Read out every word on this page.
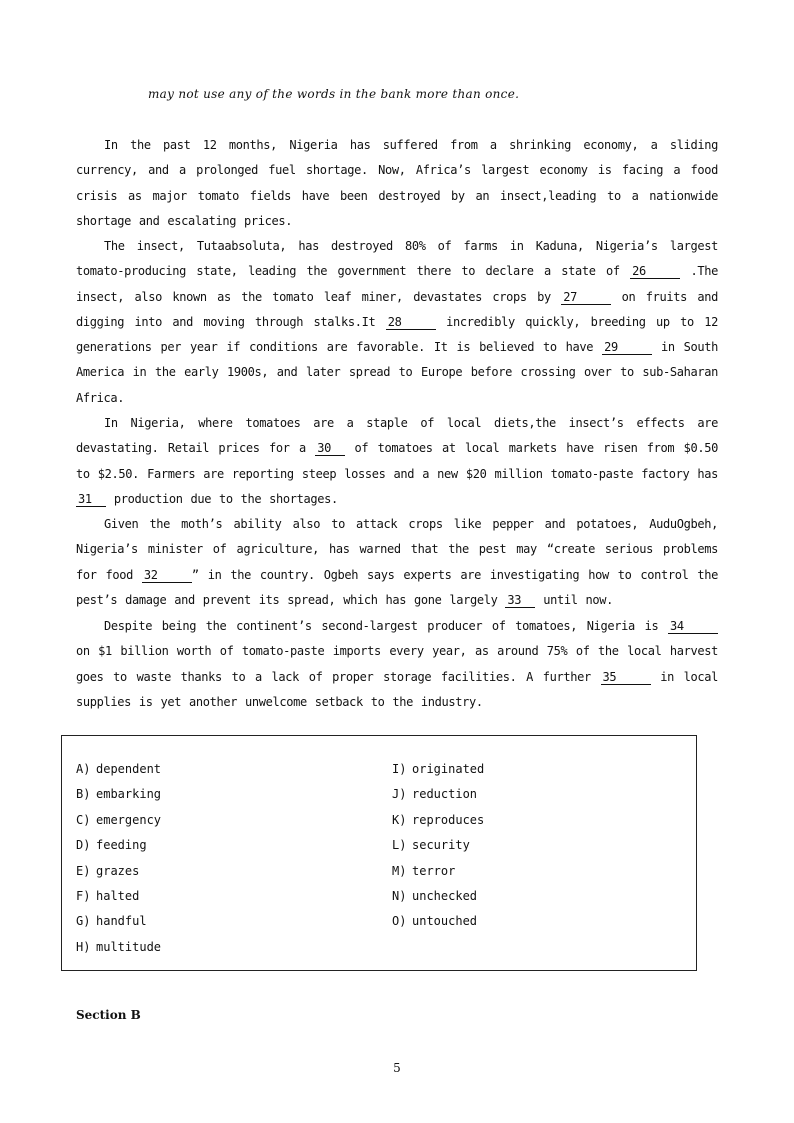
may not use any of the words in the bank more than once.

In the past 12 months, Nigeria has suffered from a shrinking economy, a sliding currency, and a prolonged fuel shortage. Now, Africa’s largest economy is facing a food crisis as major tomato fields have been destroyed by an insect,leading to a nationwide shortage and escalating prices.

The insect, Tutaabsoluta, has destroyed 80% of farms in Kaduna, Nigeria’s largest tomato-producing state, leading the government there to declare a state of 26	.The insect, also known as the tomato leaf miner, devastates crops by 27	on fruits and digging into and moving through stalks.It 28	incredibly quickly, breeding up to 12 generations per year if conditions are favorable. It is believed to have 29	in South America in the early 1900s, and later spread to Europe before crossing over to sub-Saharan Africa.

In Nigeria, where tomatoes are a staple of local diets,the insect’s effects are devastating. Retail prices for a 30 of tomatoes at local markets have risen from $0.50 to $2.50. Farmers are reporting steep losses and a new $20 million tomato-paste factory has 31 production due to the shortages.

Given the moth’s ability also to attack crops like pepper and potatoes, AuduOgbeh, Nigeria’s minister of agriculture, has warned that the pest may “create serious problems for food 32	” in the country. Ogbeh says experts are investigating how to control the pest’s damage and prevent its spread, which has gone largely 33 until now.

Despite being the continent’s second-largest producer of tomatoes, Nigeria is 34 on $1 billion worth of tomato-paste imports every year, as around 75% of the local harvest goes to waste thanks to a lack of proper storage facilities. A further 35	in local supplies is yet another unwelcome setback to the industry.

A) dependent
B) embarking
C) emergency
D) feeding
E) grazes
F) halted
G) handful
H) multitude
I) originated
J) reduction
K) reproduces
L) security
M) terror
N) unchecked
O) untouched
Section B
5
